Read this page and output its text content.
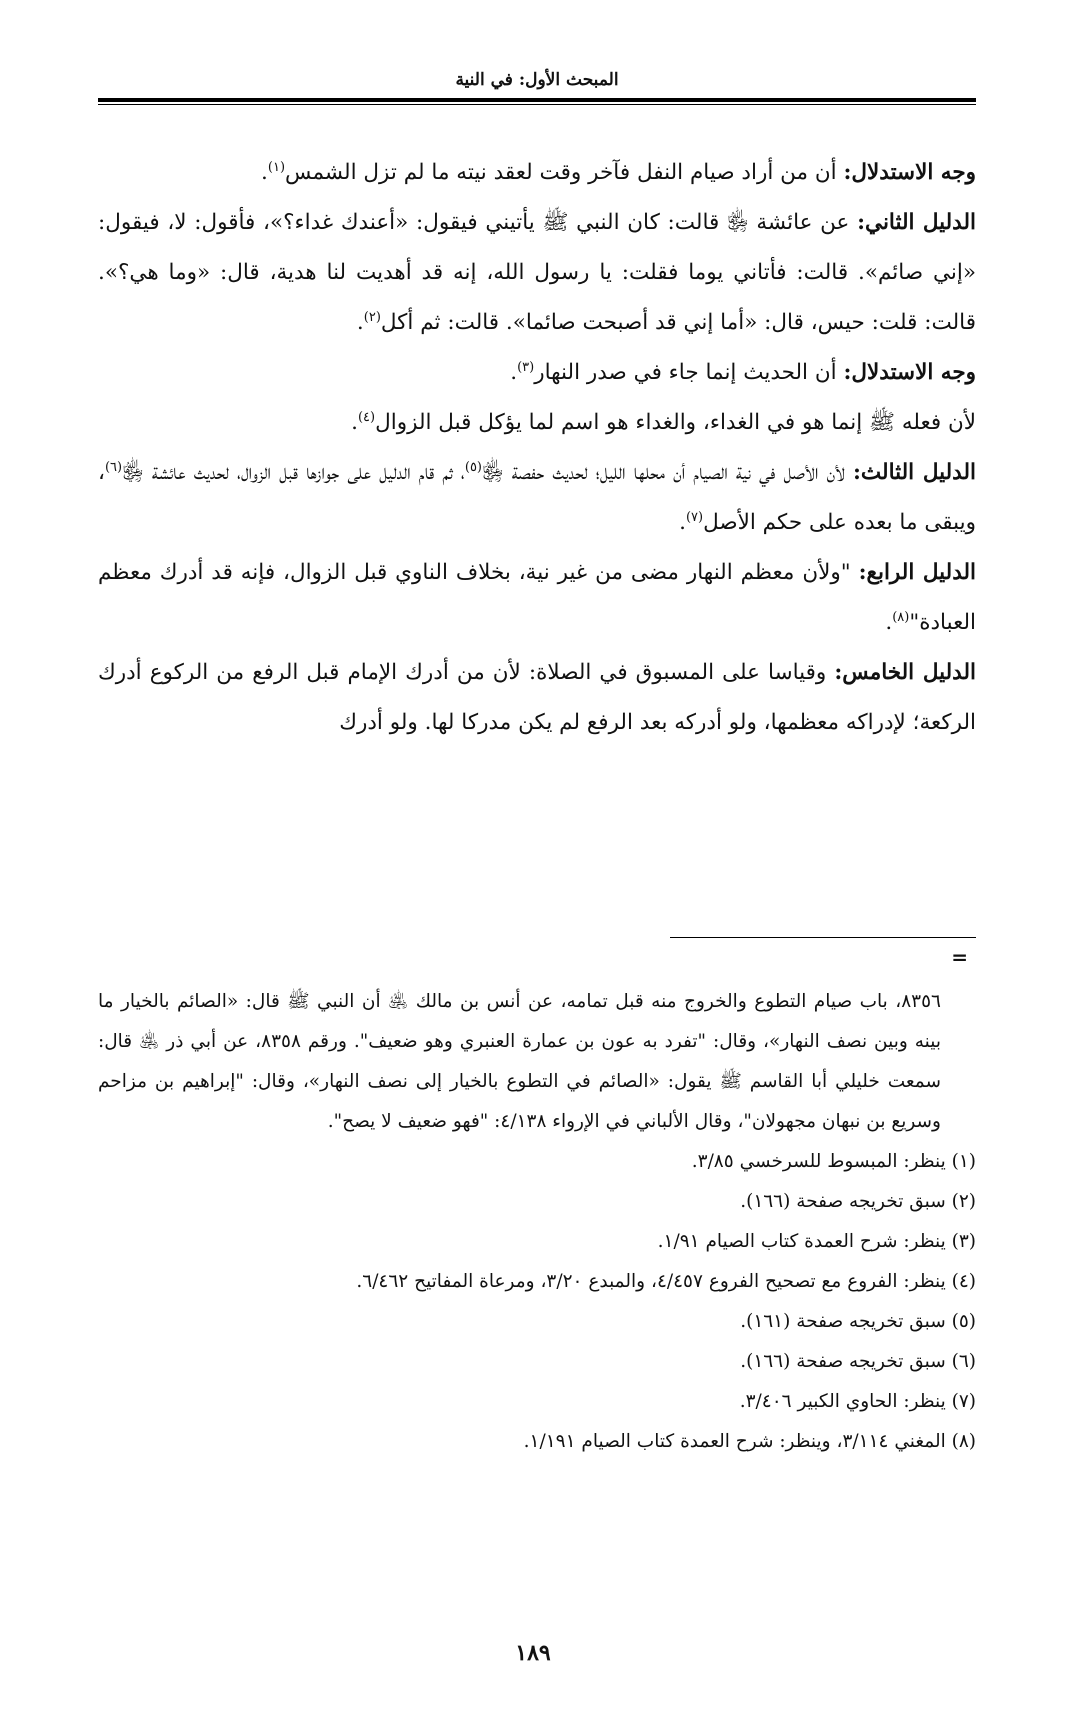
المبحث الأول: في النية

وجه الاستدلال: أن من أراد صيام النفل فآخر وقت لعقد نيته ما لم تزل الشمس$^{(١)}$.

الدليل الثاني: عن عائشة ﵂ قالت: كان النبي ﷺ يأتيني فيقول: «أعندك غداء؟»، فأقول: لا، فيقول: «إني صائم». قالت: فأتاني يوما فقلت: يا رسول الله، إنه قد أهديت لنا هدية، قال: «وما هي؟». قالت: قلت: حيس، قال: «أما إني قد أصبحت صائما». قالت: ثم أكل$^{(٢)}$.

وجه الاستدلال: أن الحديث إنما جاء في صدر النهار$^{(٣)}$.

لأن فعله ﷺ إنما هو في الغداء، والغداء هو اسم لما يؤكل قبل الزوال$^{(٤)}$.

الدليل الثالث: لأن الأصل في نية الصيام أن محلها الليل؛ لحديث حفصة ﵂$^{(٥)}$، ثم قام الدليل على جوازها قبل الزوال، لحديث عائشة ﵂$^{(٦)}$، ويبقى ما بعده على حكم الأصل$^{(٧)}$.

الدليل الرابع: "ولأن معظم النهار مضى من غير نية، بخلاف الناوي قبل الزوال، فإنه قد أدرك معظم العبادة"$^{(٨)}$.

الدليل الخامس: وقياسا على المسبوق في الصلاة: لأن من أدرك الإمام قبل الرفع من الركوع أدرك الركعة؛ لإدراكه معظمها، ولو أدركه بعد الرفع لم يكن مدركا لها. ولو أدرك

=

٨٣٥٦، باب صيام التطوع والخروج منه قبل تمامه، عن أنس بن مالك ﵁ أن النبي ﷺ قال: «الصائم بالخيار ما بينه وبين نصف النهار»، وقال: "تفرد به عون بن عمارة العنبري وهو ضعيف". ورقم ٨٣٥٨، عن أبي ذر ﵁ قال: سمعت خليلي أبا القاسم ﷺ يقول: «الصائم في التطوع بالخيار إلى نصف النهار»، وقال: "إبراهيم بن مزاحم وسريع بن نبهان مجهولان"، وقال الألباني في الإرواء ٤/١٣٨: "فهو ضعيف لا يصح".

(١) ينظر: المبسوط للسرخسي ٣/٨٥.
(٢) سبق تخريجه صفحة (١٦٦).
(٣) ينظر: شرح العمدة كتاب الصيام ١/٩١.
(٤) ينظر: الفروع مع تصحيح الفروع ٤/٤٥٧، والمبدع ٣/٢٠، ومرعاة المفاتيح ٦/٤٦٢.
(٥) سبق تخريجه صفحة (١٦١).
(٦) سبق تخريجه صفحة (١٦٦).
(٧) ينظر: الحاوي الكبير ٣/٤٠٦.
(٨) المغني ٣/١١٤، وينظر: شرح العمدة كتاب الصيام ١/١٩١.
١٨٩
